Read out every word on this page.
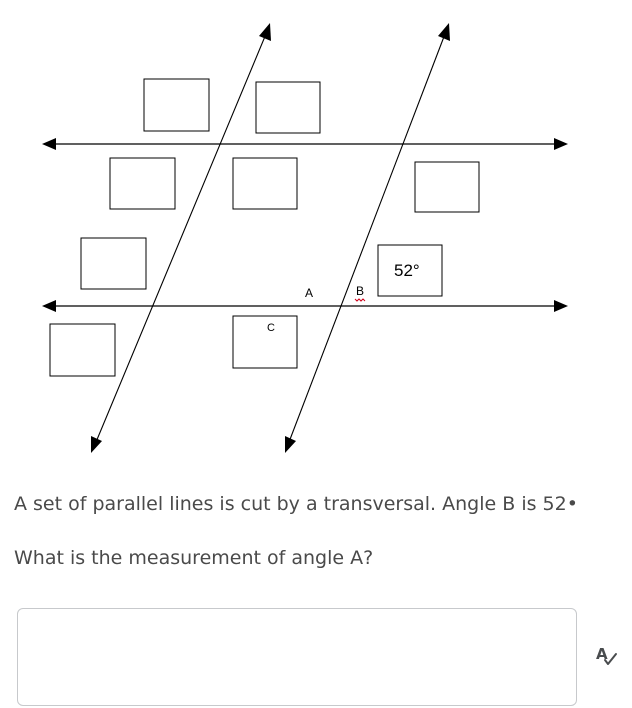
52°
A	B
C
A set of parallel lines is cut by a transversal. Angle B is 52•
What is the measurement of angle A?
A
